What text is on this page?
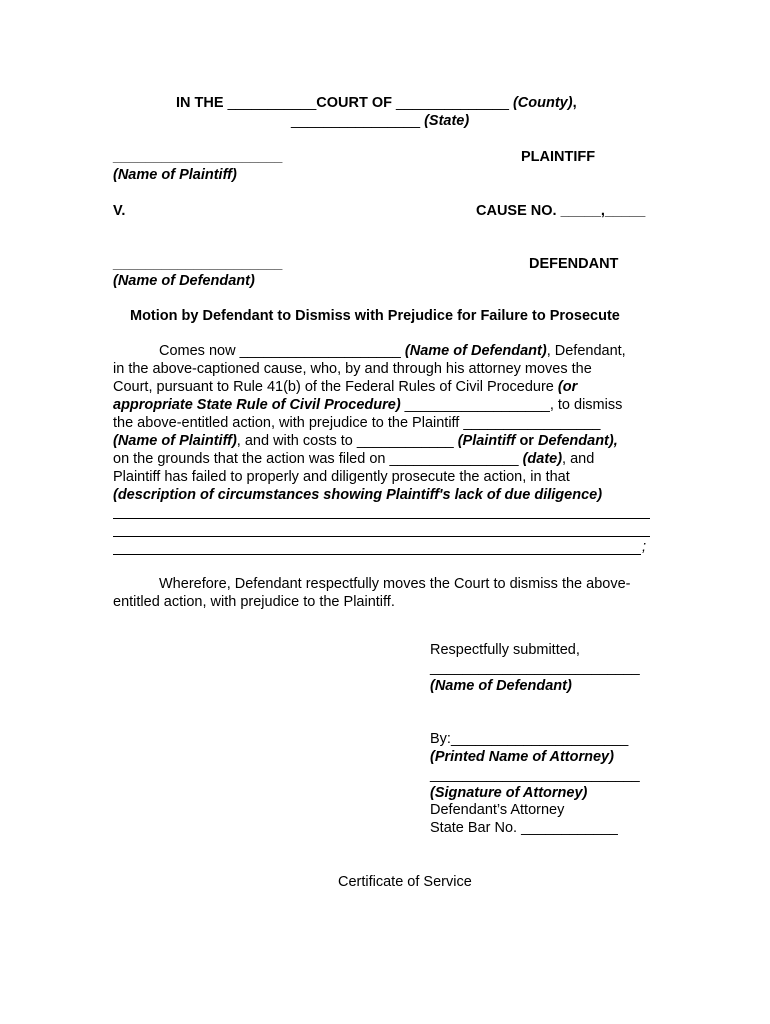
IN THE ___________COURT OF ______________ (County),
________________ (State)
_____________________
(Name of Plaintiff)
PLAINTIFF
V.	CAUSE NO. _____,_____
_____________________
(Name of Defendant)
DEFENDANT
Motion by Defendant to Dismiss with Prejudice for Failure to Prosecute
Comes now ____________________ (Name of Defendant), Defendant,
in the above-captioned cause, who, by and through his attorney moves the
Court, pursuant to Rule 41(b) of the Federal Rules of Civil Procedure (or
appropriate State Rule of Civil Procedure) __________________, to dismiss
the above-entitled action, with prejudice to the Plaintiff _________________
(Name of Plaintiff), and with costs to ____________ (Plaintiff or Defendant),
on the grounds that the action was filed on ________________ (date), and
Plaintiff has failed to properly and diligently prosecute the action, in that
(description of circumstances showing Plaintiff's lack of due diligence)
;
Wherefore, Defendant respectfully moves the Court to dismiss the above-
entitled action, with prejudice to the Plaintiff.
Respectfully submitted,
__________________________
(Name of Defendant)
By:______________________
(Printed Name of Attorney)
__________________________
(Signature of Attorney)
Defendant’s Attorney
State Bar No. ____________
Certificate of Service
